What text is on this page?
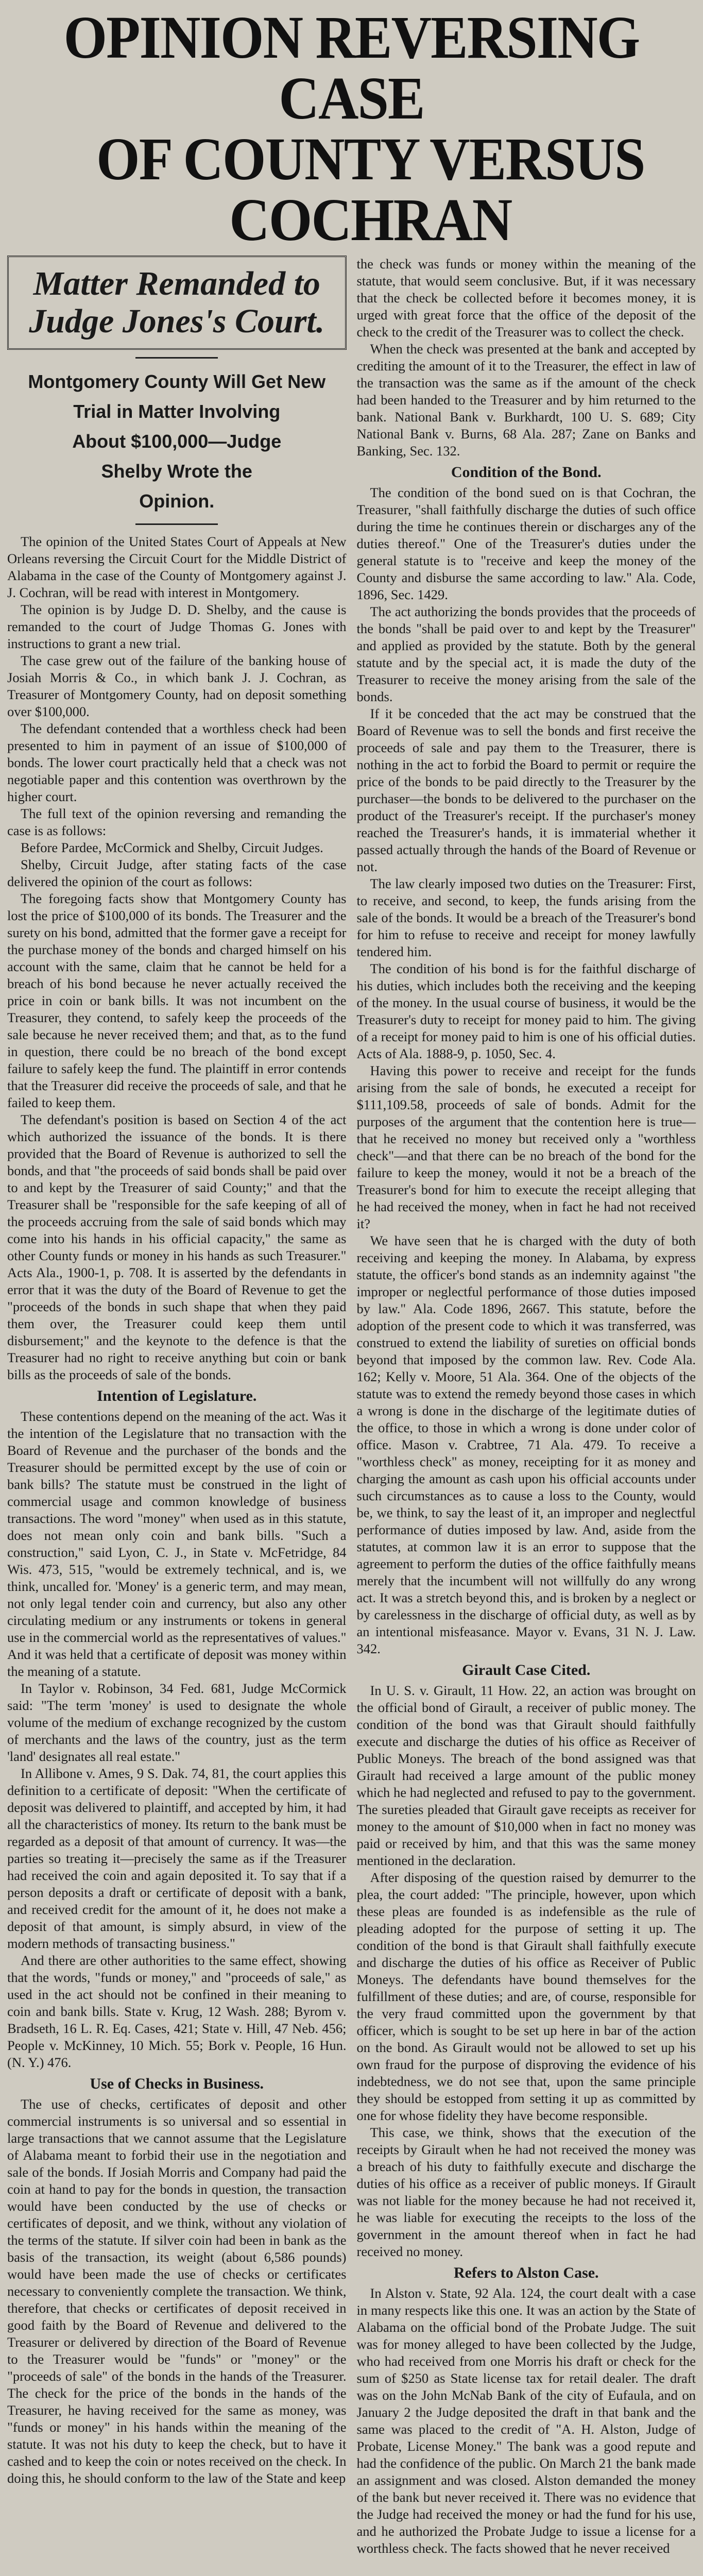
OPINION REVERSING CASE
OF COUNTY VERSUS COCHRAN
Matter Remanded to Judge Jones's Court.
Montgomery County Will Get New
Trial in Matter Involving
About $100,000—Judge
Shelby Wrote the
Opinion.

The opinion of the United States Court of Appeals at New Orleans reversing the Circuit Court for the Middle District of Alabama in the case of the County of Montgomery against J. J. Cochran, will be read with interest in Montgomery.

The opinion is by Judge D. D. Shelby, and the cause is remanded to the court of Judge Thomas G. Jones with instructions to grant a new trial.

The case grew out of the failure of the banking house of Josiah Morris & Co., in which bank J. J. Cochran, as Treasurer of Montgomery County, had on deposit something over $100,000.

The defendant contended that a worthless check had been presented to him in payment of an issue of $100,000 of bonds. The lower court practically held that a check was not negotiable paper and this contention was overthrown by the higher court.

The full text of the opinion reversing and remanding the case is as follows:

Before Pardee, McCormick and Shelby, Circuit Judges.

Shelby, Circuit Judge, after stating facts of the case delivered the opinion of the court as follows:

The foregoing facts show that Montgomery County has lost the price of $100,000 of its bonds. The Treasurer and the surety on his bond, admitted that the former gave a receipt for the purchase money of the bonds and charged himself on his account with the same, claim that he cannot be held for a breach of his bond because he never actually received the price in coin or bank bills. It was not incumbent on the Treasurer, they contend, to safely keep the proceeds of the sale because he never received them; and that, as to the fund in question, there could be no breach of the bond except failure to safely keep the fund. The plaintiff in error contends that the Treasurer did receive the proceeds of sale, and that he failed to keep them.

The defendant's position is based on Section 4 of the act which authorized the issuance of the bonds. It is there provided that the Board of Revenue is authorized to sell the bonds, and that "the proceeds of said bonds shall be paid over to and kept by the Treasurer of said County;" and that the Treasurer shall be "responsible for the safe keeping of all of the proceeds accruing from the sale of said bonds which may come into his hands in his official capacity," the same as other County funds or money in his hands as such Treasurer." Acts Ala., 1900-1, p. 708. It is asserted by the defendants in error that it was the duty of the Board of Revenue to get the "proceeds of the bonds in such shape that when they paid them over, the Treasurer could keep them until disbursement;" and the keynote to the defence is that the Treasurer had no right to receive anything but coin or bank bills as the proceeds of sale of the bonds.

Intention of Legislature.

These contentions depend on the meaning of the act. Was it the intention of the Legislature that no transaction with the Board of Revenue and the purchaser of the bonds and the Treasurer should be permitted except by the use of coin or bank bills? The statute must be construed in the light of commercial usage and common knowledge of business transactions. The word "money" when used as in this statute, does not mean only coin and bank bills. "Such a construction," said Lyon, C. J., in State v. McFetridge, 84 Wis. 473, 515, "would be extremely technical, and is, we think, uncalled for. 'Money' is a generic term, and may mean, not only legal tender coin and currency, but also any other circulating medium or any instruments or tokens in general use in the commercial world as the representatives of values." And it was held that a certificate of deposit was money within the meaning of a statute.

In Taylor v. Robinson, 34 Fed. 681, Judge McCormick said: "The term 'money' is used to designate the whole volume of the medium of exchange recognized by the custom of merchants and the laws of the country, just as the term 'land' designates all real estate."

In Allibone v. Ames, 9 S. Dak. 74, 81, the court applies this definition to a certificate of deposit: "When the certificate of deposit was delivered to plaintiff, and accepted by him, it had all the characteristics of money. Its return to the bank must be regarded as a deposit of that amount of currency. It was—the parties so treating it—precisely the same as if the Treasurer had received the coin and again deposited it. To say that if a person deposits a draft or certificate of deposit with a bank, and received credit for the amount of it, he does not make a deposit of that amount, is simply absurd, in view of the modern methods of transacting business."

And there are other authorities to the same effect, showing that the words, "funds or money," and "proceeds of sale," as used in the act should not be confined in their meaning to coin and bank bills. State v. Krug, 12 Wash. 288; Byrom v. Bradseth, 16 L. R. Eq. Cases, 421; State v. Hill, 47 Neb. 456; People v. McKinney, 10 Mich. 55; Bork v. People, 16 Hun. (N. Y.) 476.

Use of Checks in Business.

The use of checks, certificates of deposit and other commercial instruments is so universal and so essential in large transactions that we cannot assume that the Legislature of Alabama meant to forbid their use in the negotiation and sale of the bonds. If Josiah Morris and Company had paid the coin at hand to pay for the bonds in question, the transaction would have been conducted by the use of checks or certificates of deposit, and we think, without any violation of the terms of the statute. If silver coin had been in bank as the basis of the transaction, its weight (about 6,586 pounds) would have been made the use of checks or certificates necessary to conveniently complete the transaction. We think, therefore, that checks or certificates of deposit received in good faith by the Board of Revenue and delivered to the Treasurer or delivered by direction of the Board of Revenue to the Treasurer would be "funds" or "money" or the "proceeds of sale" of the bonds in the hands of the Treasurer. The check for the price of the bonds in the hands of the Treasurer, he having received for the same as money, was "funds or money" in his hands within the meaning of the statute. It was not his duty to keep the check, but to have it cashed and to keep the coin or notes received on the check. In doing this, he should conform to the law of the State and keep

the check was funds or money within the meaning of the statute, that would seem conclusive. But, if it was necessary that the check be collected before it becomes money, it is urged with great force that the office of the deposit of the check to the credit of the Treasurer was to collect the check.

When the check was presented at the bank and accepted by crediting the amount of it to the Treasurer, the effect in law of the transaction was the same as if the amount of the check had been handed to the Treasurer and by him returned to the bank. National Bank v. Burkhardt, 100 U. S. 689; City National Bank v. Burns, 68 Ala. 287; Zane on Banks and Banking, Sec. 132.

Condition of the Bond.

The condition of the bond sued on is that Cochran, the Treasurer, "shall faithfully discharge the duties of such office during the time he continues therein or discharges any of the duties thereof." One of the Treasurer's duties under the general statute is to "receive and keep the money of the County and disburse the same according to law." Ala. Code, 1896, Sec. 1429.

The act authorizing the bonds provides that the proceeds of the bonds "shall be paid over to and kept by the Treasurer" and applied as provided by the statute. Both by the general statute and by the special act, it is made the duty of the Treasurer to receive the money arising from the sale of the bonds.

If it be conceded that the act may be construed that the Board of Revenue was to sell the bonds and first receive the proceeds of sale and pay them to the Treasurer, there is nothing in the act to forbid the Board to permit or require the price of the bonds to be paid directly to the Treasurer by the purchaser—the bonds to be delivered to the purchaser on the product of the Treasurer's receipt. If the purchaser's money reached the Treasurer's hands, it is immaterial whether it passed actually through the hands of the Board of Revenue or not.

The law clearly imposed two duties on the Treasurer: First, to receive, and second, to keep, the funds arising from the sale of the bonds. It would be a breach of the Treasurer's bond for him to refuse to receive and receipt for money lawfully tendered him.

The condition of his bond is for the faithful discharge of his duties, which includes both the receiving and the keeping of the money. In the usual course of business, it would be the Treasurer's duty to receipt for money paid to him. The giving of a receipt for money paid to him is one of his official duties. Acts of Ala. 1888-9, p. 1050, Sec. 4.

Having this power to receive and receipt for the funds arising from the sale of bonds, he executed a receipt for $111,109.58, proceeds of sale of bonds. Admit for the purposes of the argument that the contention here is true—that he received no money but received only a "worthless check"—and that there can be no breach of the bond for the failure to keep the money, would it not be a breach of the Treasurer's bond for him to execute the receipt alleging that he had received the money, when in fact he had not received it?

We have seen that he is charged with the duty of both receiving and keeping the money. In Alabama, by express statute, the officer's bond stands as an indemnity against "the improper or neglectful performance of those duties imposed by law." Ala. Code 1896, 2667. This statute, before the adoption of the present code to which it was transferred, was construed to extend the liability of sureties on official bonds beyond that imposed by the common law. Rev. Code Ala. 162; Kelly v. Moore, 51 Ala. 364. One of the objects of the statute was to extend the remedy beyond those cases in which a wrong is done in the discharge of the legitimate duties of the office, to those in which a wrong is done under color of office. Mason v. Crabtree, 71 Ala. 479. To receive a "worthless check" as money, receipting for it as money and charging the amount as cash upon his official accounts under such circumstances as to cause a loss to the County, would be, we think, to say the least of it, an improper and neglectful performance of duties imposed by law. And, aside from the statutes, at common law it is an error to suppose that the agreement to perform the duties of the office faithfully means merely that the incumbent will not willfully do any wrong act. It was a stretch beyond this, and is broken by a neglect or by carelessness in the discharge of official duty, as well as by an intentional misfeasance. Mayor v. Evans, 31 N. J. Law. 342.

Girault Case Cited.

In U. S. v. Girault, 11 How. 22, an action was brought on the official bond of Girault, a receiver of public money. The condition of the bond was that Girault should faithfully execute and discharge the duties of his office as Receiver of Public Moneys. The breach of the bond assigned was that Girault had received a large amount of the public money which he had neglected and refused to pay to the government. The sureties pleaded that Girault gave receipts as receiver for money to the amount of $10,000 when in fact no money was paid or received by him, and that this was the same money mentioned in the declaration.

After disposing of the question raised by demurrer to the plea, the court added: "The principle, however, upon which these pleas are founded is as indefensible as the rule of pleading adopted for the purpose of setting it up. The condition of the bond is that Girault shall faithfully execute and discharge the duties of his office as Receiver of Public Moneys. The defendants have bound themselves for the fulfillment of these duties; and are, of course, responsible for the very fraud committed upon the government by that officer, which is sought to be set up here in bar of the action on the bond. As Girault would not be allowed to set up his own fraud for the purpose of disproving the evidence of his indebtedness, we do not see that, upon the same principle they should be estopped from setting it up as committed by one for whose fidelity they have become responsible.

This case, we think, shows that the execution of the receipts by Girault when he had not received the money was a breach of his duty to faithfully execute and discharge the duties of his office as a receiver of public moneys. If Girault was not liable for the money because he had not received it, he was liable for executing the receipts to the loss of the government in the amount thereof when in fact he had received no money.

Refers to Alston Case.

In Alston v. State, 92 Ala. 124, the court dealt with a case in many respects like this one. It was an action by the State of Alabama on the official bond of the Probate Judge. The suit was for money alleged to have been collected by the Judge, who had received from one Morris his draft or check for the sum of $250 as State license tax for retail dealer. The draft was on the John McNab Bank of the city of Eufaula, and on January 2 the Judge deposited the draft in that bank and the same was placed to the credit of "A. H. Alston, Judge of Probate, License Money." The bank was a good repute and had the confidence of the public. On March 21 the bank made an assignment and was closed. Alston demanded the money of the bank but never received it. There was no evidence that the Judge had received the money or had the fund for his use, and he authorized the Probate Judge to issue a license for a worthless check. The facts showed that he never received
